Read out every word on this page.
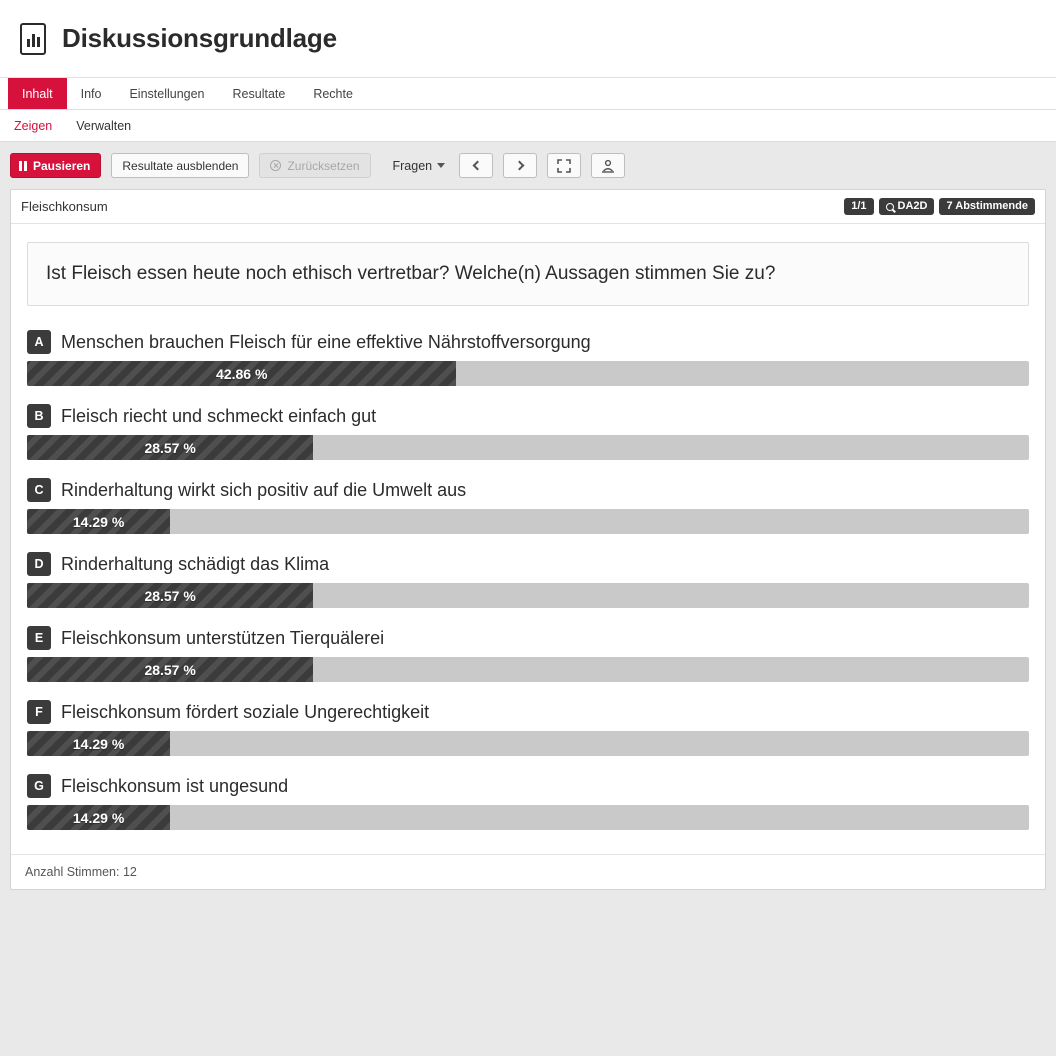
Diskussionsgrundlage
Inhalt	Info	Einstellungen	Resultate	Rechte
Zeigen	Verwalten
Pausieren	Resultate ausblenden	Zurücksetzen	Fragen
Fleischkonsum	1/1	DA2D	7 Abstimmende
Ist Fleisch essen heute noch ethisch vertretbar? Welche(n) Aussagen stimmen Sie zu?
A Menschen brauchen Fleisch für eine effektive Nährstoffversorgung
42.86 %
B Fleisch riecht und schmeckt einfach gut
28.57 %
C Rinderhaltung wirkt sich positiv auf die Umwelt aus
14.29 %
D Rinderhaltung schädigt das Klima
28.57 %
E Fleischkonsum unterstützen Tierquälerei
28.57 %
F	Fleischkonsum fördert soziale Ungerechtigkeit
14.29 %
G Fleischkonsum ist ungesund
14.29 %
Anzahl Stimmen: 12
